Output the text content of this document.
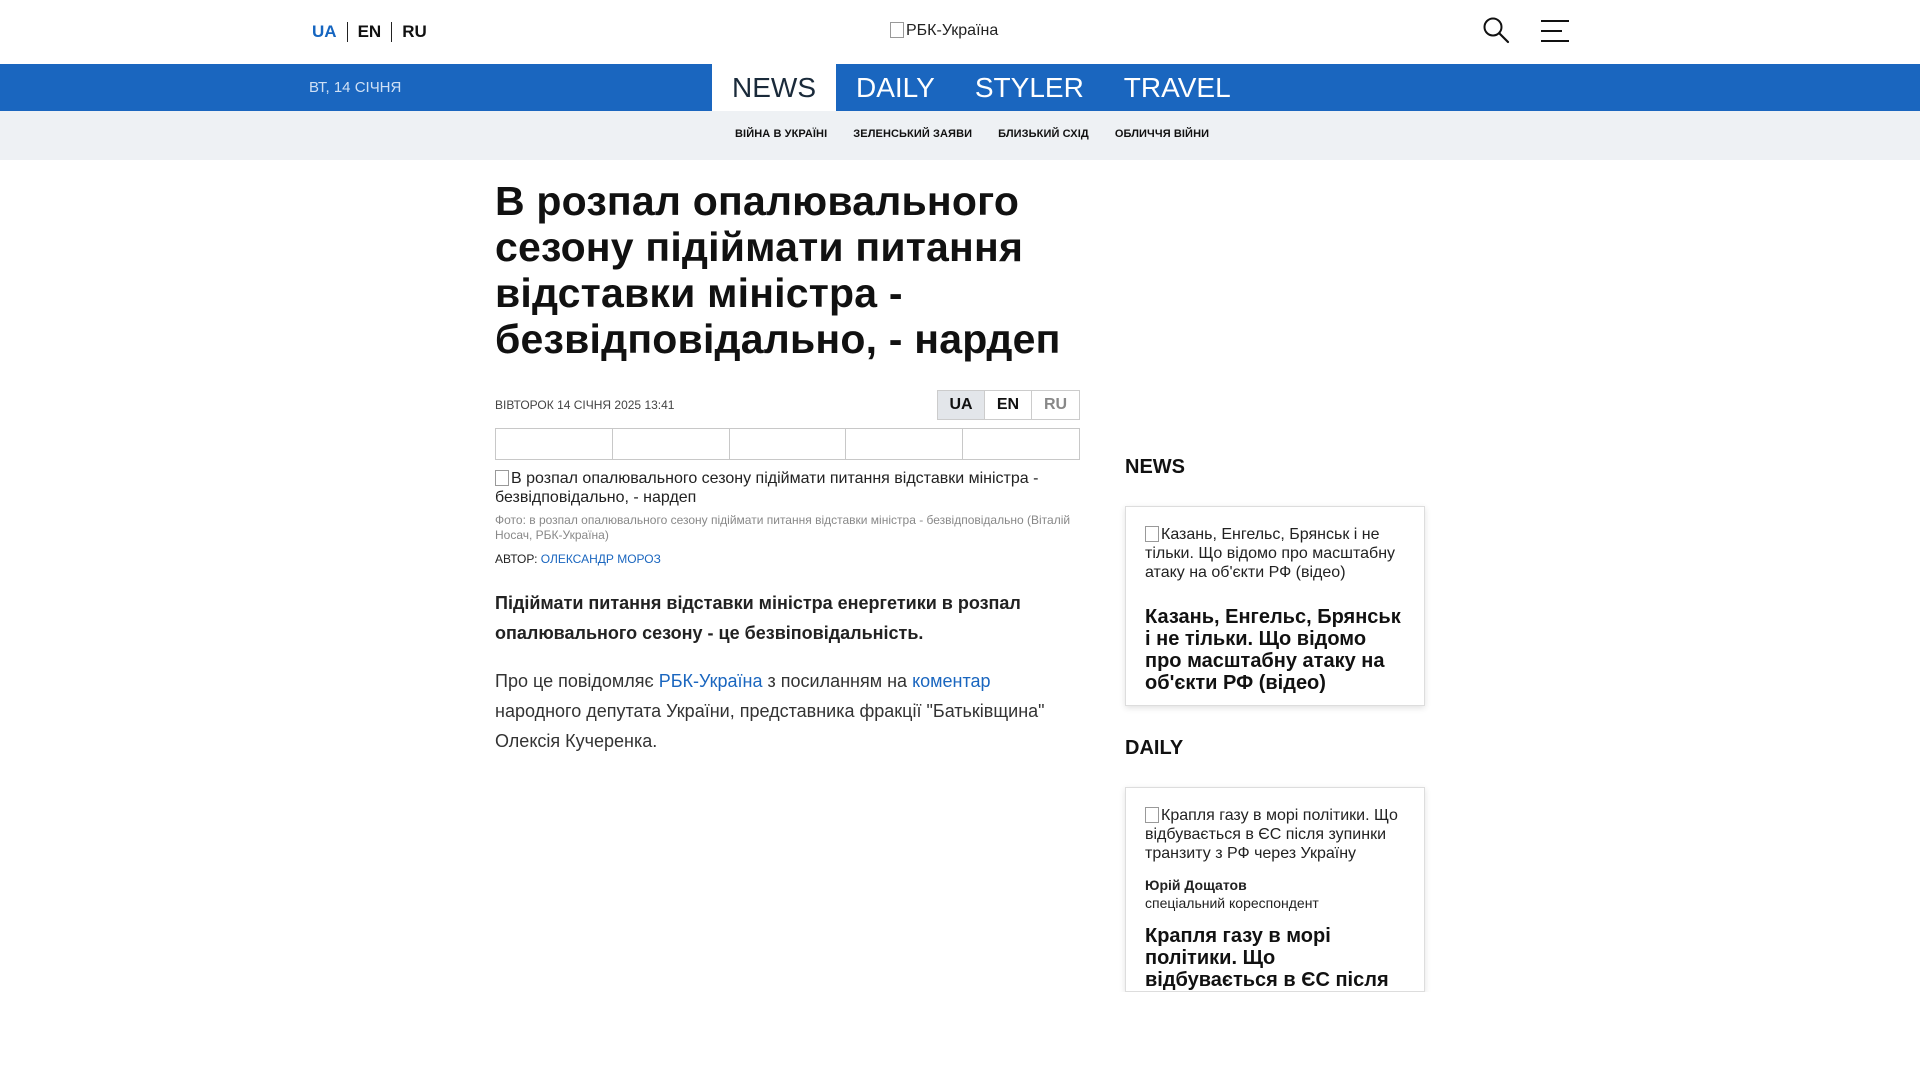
UA	EN	RU	РБК-Україна
ВТ, 14 СІЧНЯ	NEWS	DAILY	STYLER	TRAVEL
ВІЙНА В УКРАЇНІ ЗЕЛЕНСЬКИЙ ЗАЯВИ БЛИЗЬКИЙ СХІД ОБЛИЧЧЯ ВІЙНИ
В розпал опалювального сезону підіймати питання відставки міністра - безвідповідально, - нардеп
ВІВТОРОК 14 СІЧНЯ 2025 13:41	UA	EN	RU
В розпал опалювального сезону підіймати питання відставки міністра - безвідповідально, - нардеп
Фото: в розпал опалювального сезону підіймати питання відставки міністра - безвідповідально (Віталій Носач, РБК-Україна)
АВТОР: ОЛЕКСАНДР МОРОЗ

Підіймати питання відставки міністра енергетики в розпал опалювального сезону - це безвіповідальність.

Про це повідомляє РБК-Україна з посиланням на коментар народного депутата України, представника фракції "Батьківщина" Олексія Кучеренка.

NEWS
Казань, Енгельс, Брянськ і не тільки. Що відомо про масштабну атаку на об'єкти РФ (відео)
Казань, Енгельс, Брянськ і не тільки. Що відомо про масштабну атаку на об'єкти РФ (відео)
DAILY
Крапля газу в морі політики. Що відбувається в ЄС після зупинки транзиту з РФ через Україну
Юрій Дощатов
спеціальний кореспондент
Крапля газу в морі політики. Що відбувається в ЄС після
